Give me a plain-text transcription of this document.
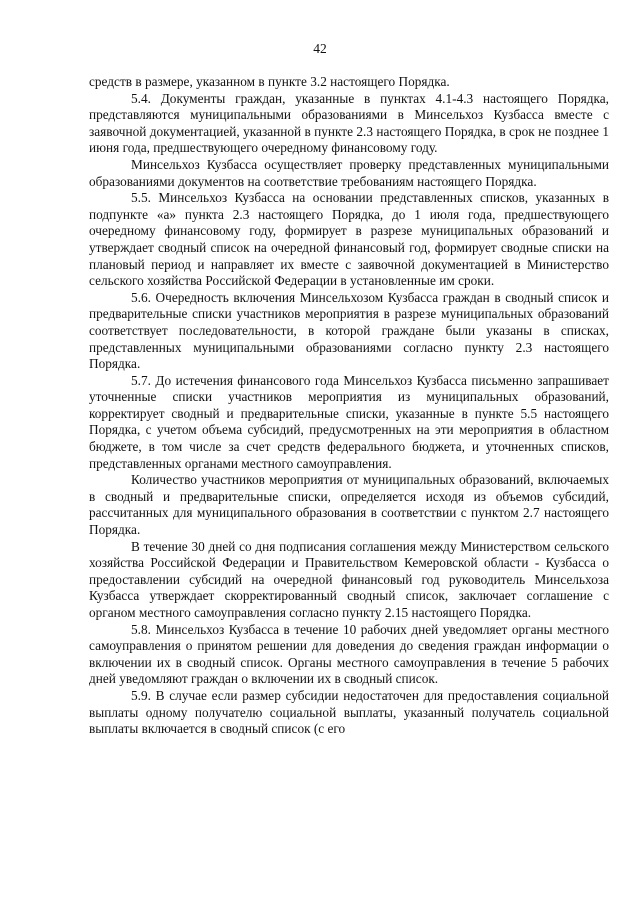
42

средств в размере, указанном в пункте 3.2 настоящего Порядка.

5.4. Документы граждан, указанные в пунктах 4.1-4.3 настоящего Порядка, представляются муниципальными образованиями в Минсельхоз Кузбасса вместе с заявочной документацией, указанной в пункте 2.3 настоящего Порядка, в срок не позднее 1 июня года, предшествующего очередному финансовому году.

Минсельхоз Кузбасса осуществляет проверку представленных муниципальными образованиями документов на соответствие требованиям настоящего Порядка.

5.5. Минсельхоз Кузбасса на основании представленных списков, указанных в подпункте «а» пункта 2.3 настоящего Порядка, до 1 июля года, предшествующего очередному финансовому году, формирует в разрезе муниципальных образований и утверждает сводный список на очередной финансовый год, формирует сводные списки на плановый период и направляет их вместе с заявочной документацией в Министерство сельского хозяйства Российской Федерации в установленные им сроки.

5.6. Очередность включения Минсельхозом Кузбасса граждан в сводный список и предварительные списки участников мероприятия в разрезе муниципальных образований соответствует последовательности, в которой граждане были указаны в списках, представленных муниципальными образованиями согласно пункту 2.3 настоящего Порядка.

5.7. До истечения финансового года Минсельхоз Кузбасса письменно запрашивает уточненные списки участников мероприятия из муниципальных образований, корректирует сводный и предварительные списки, указанные в пункте 5.5 настоящего Порядка, с учетом объема субсидий, предусмотренных на эти мероприятия в областном бюджете, в том числе за счет средств федерального бюджета, и уточненных списков, представленных органами местного самоуправления.

Количество участников мероприятия от муниципальных образований, включаемых в сводный и предварительные списки, определяется исходя из объемов субсидий, рассчитанных для муниципального образования в соответствии с пунктом 2.7 настоящего Порядка.

В течение 30 дней со дня подписания соглашения между Министерством сельского хозяйства Российской Федерации и Правительством Кемеровской области - Кузбасса о предоставлении субсидий на очередной финансовый год руководитель Минсельхоза Кузбасса утверждает скорректированный сводный список, заключает соглашение с органом местного самоуправления согласно пункту 2.15 настоящего Порядка.

5.8. Минсельхоз Кузбасса в течение 10 рабочих дней уведомляет органы местного самоуправления о принятом решении для доведения до сведения граждан информации о включении их в сводный список. Органы местного самоуправления в течение 5 рабочих дней уведомляют граждан о включении их в сводный список.

5.9. В случае если размер субсидии недостаточен для предоставления социальной выплаты одному получателю социальной выплаты, указанный получатель социальной выплаты включается в сводный список (с его
